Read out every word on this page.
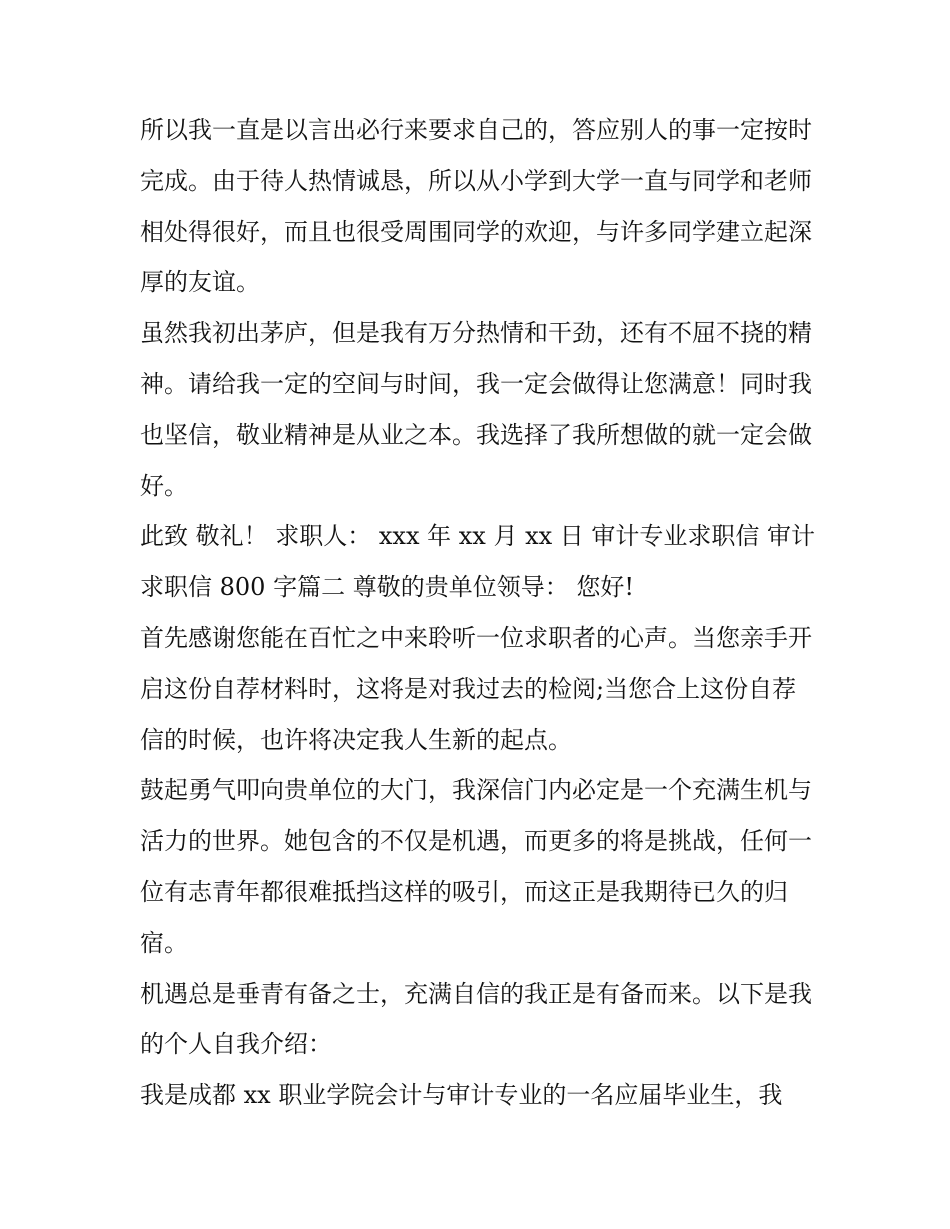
所以我一直是以言出必行来要求自己的，答应别人的事一定按时完成。由于待人热情诚恳，所以从小学到大学一直与同学和老师相处得很好，而且也很受周围同学的欢迎，与许多同学建立起深厚的友谊。

虽然我初出茅庐，但是我有万分热情和干劲，还有不屈不挠的精神。请给我一定的空间与时间，我一定会做得让您满意！同时我也坚信，敬业精神是从业之本。我选择了我所想做的就一定会做好。

此致 敬礼！ 求职人： xxx 年 xx 月 xx 日 审计专业求职信 审计求职信 800 字篇二 尊敬的贵单位领导： 您好!

首先感谢您能在百忙之中来聆听一位求职者的心声。当您亲手开启这份自荐材料时，这将是对我过去的检阅;当您合上这份自荐 信的时候，也许将决定我人生新的起点。

鼓起勇气叩向贵单位的大门，我深信门内必定是一个充满生机与活力的世界。她包含的不仅是机遇，而更多的将是挑战，任何一位有志青年都很难抵挡这样的吸引，而这正是我期待已久的归宿。

机遇总是垂青有备之士，充满自信的我正是有备而来。以下是我的个人自我介绍：

我是成都 xx 职业学院会计与审计专业的一名应届毕业生，我
